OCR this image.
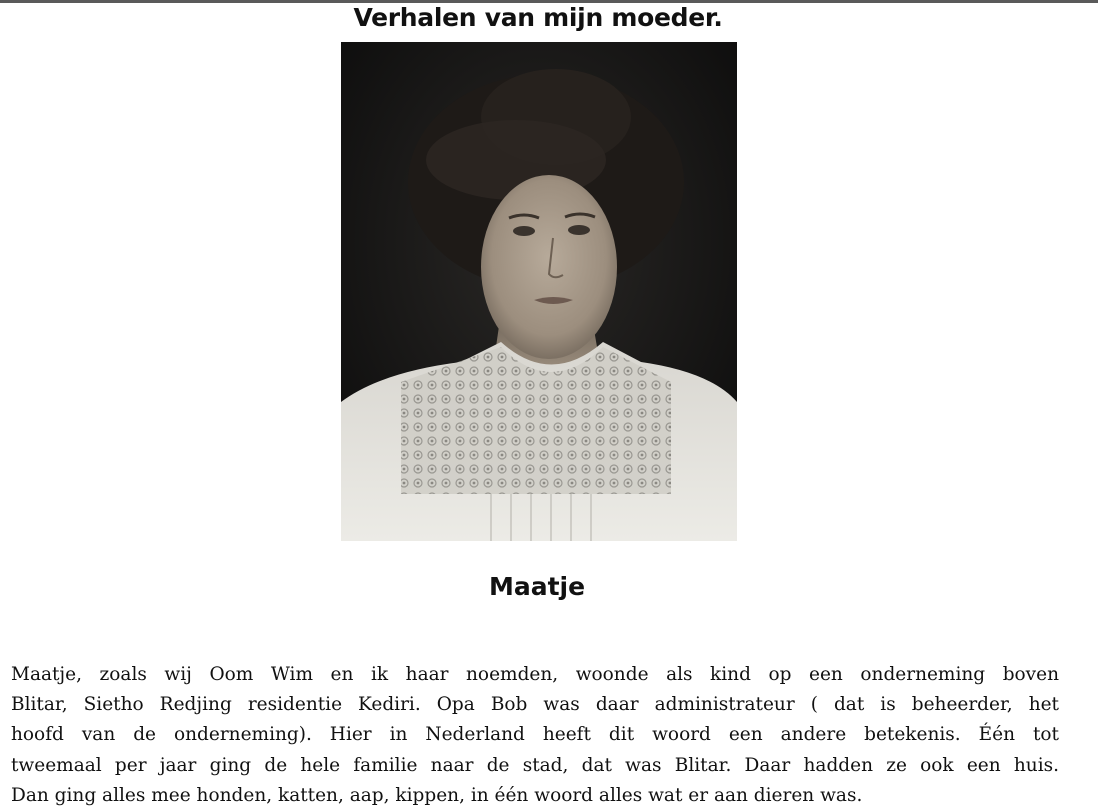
Verhalen van mijn moeder.
Maatje
Maatje, zoals wij Oom Wim en ik haar noemden, woonde als kind op een onderneming boven
Blitar, Sietho Redjing residentie Kediri. Opa Bob was daar administrateur ( dat is beheerder, het
hoofd van de onderneming). Hier in Nederland heeft dit woord een andere betekenis. Één tot
tweemaal per jaar ging de hele familie naar de stad, dat was Blitar. Daar hadden ze ook een huis.
Dan ging alles mee honden, katten, aap, kippen, in één woord alles wat er aan dieren was.
